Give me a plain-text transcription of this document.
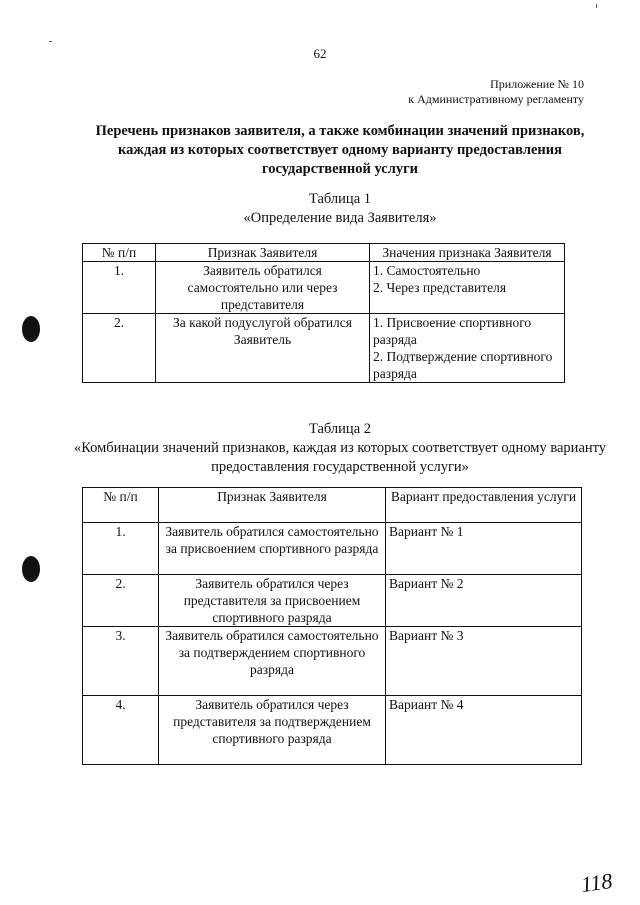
62
Приложение № 10
к Административному регламенту
Перечень признаков заявителя, а также комбинации значений признаков, каждая из которых соответствует одному варианту предоставления государственной услуги
Таблица 1
«Определение вида Заявителя»
№ п/п	Признак Заявителя	Значения признака Заявителя
1.	Заявитель обратился самостоятельно или через представителя	1. Самостоятельно
2. Через представителя

2.	За какой подуслугой обратился Заявитель	1. Присвоение спортивного разряда
2. Подтверждение спортивного разряда
Таблица 2
«Комбинации значений признаков, каждая из которых соответствует одному варианту предоставления государственной услуги»
№ п/п	Признак Заявителя	Вариант предоставления услуги
1.	Заявитель обратился самостоятельно за присвоением спортивного разряда	Вариант № 1
2.	Заявитель обратился через представителя за присвоением спортивного разряда	Вариант № 2
3.	Заявитель обратился самостоятельно за подтверждением спортивного разряда	Вариант № 3
4.	Заявитель обратился через представителя за подтверждением спортивного разряда	Вариант № 4
118
